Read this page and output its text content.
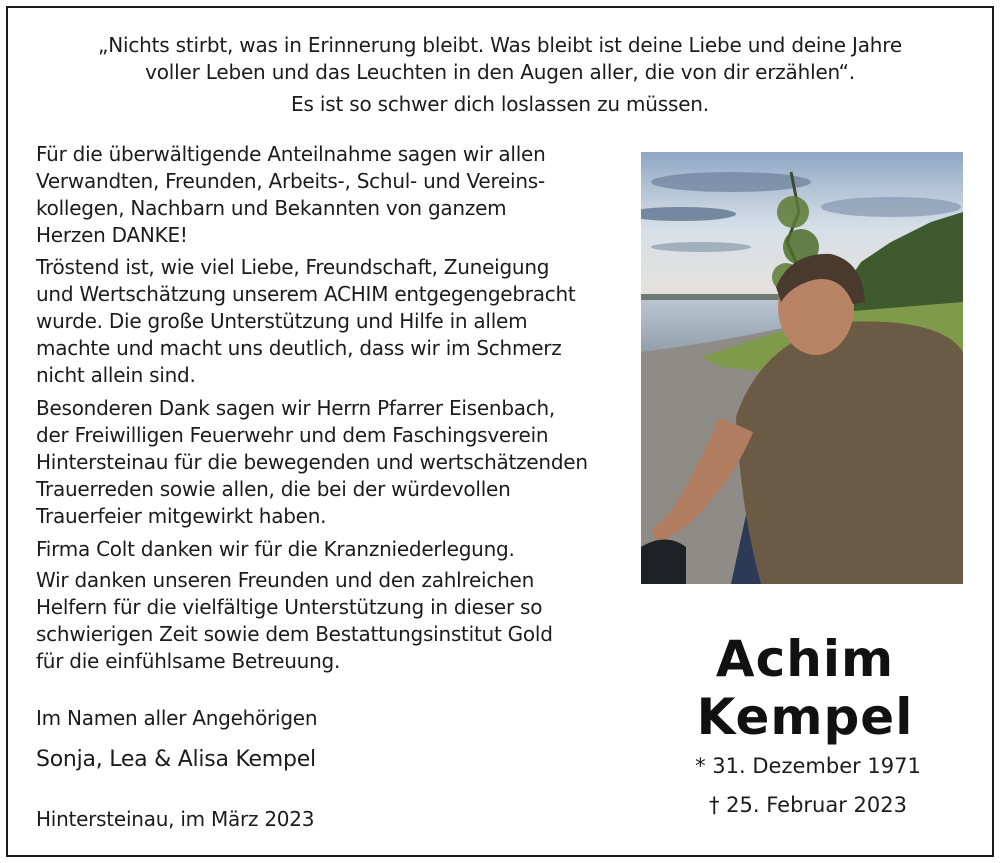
„Nichts stirbt, was in Erinnerung bleibt. Was bleibt ist deine Liebe und deine Jahre
voller Leben und das Leuchten in den Augen aller, die von dir erzählen“.
Es ist so schwer dich loslassen zu müssen.

Für die überwältigende Anteilnahme sagen wir allen
Verwandten, Freunden, Arbeits-, Schul- und Vereins-
kollegen, Nachbarn und Bekannten von ganzem
Herzen DANKE!

Tröstend ist, wie viel Liebe, Freundschaft, Zuneigung
und Wertschätzung unserem ACHIM entgegengebracht
wurde. Die große Unterstützung und Hilfe in allem
machte und macht uns deutlich, dass wir im Schmerz
nicht allein sind.

Besonderen Dank sagen wir Herrn Pfarrer Eisenbach,
der Freiwilligen Feuerwehr und dem Faschingsverein
Hintersteinau für die bewegenden und wertschätzenden
Trauerreden sowie allen, die bei der würdevollen
Trauerfeier mitgewirkt haben.

Firma Colt danken wir für die Kranzniederlegung.

Wir danken unseren Freunden und den zahlreichen
Helfern für die vielfältige Unterstützung in dieser so
schwierigen Zeit sowie dem Bestattungsinstitut Gold
für die einfühlsame Betreuung.

Im Namen aller Angehörigen
Sonja, Lea & Alisa Kempel
Hintersteinau, im März 2023
Achim
Kempel
* 31. Dezember 1971
† 25. Februar 2023
